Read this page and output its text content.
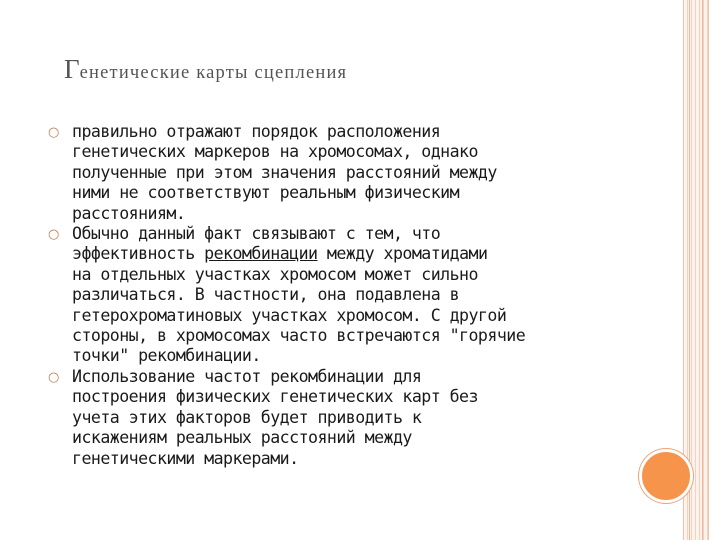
Генетические карты сцепления
○ правильно отражают порядок расположения
генетических маркеров на хромосомах, однако
полученные при этом значения расстояний между
ними не соответствуют реальным физическим
расстояниям.
○ Обычно данный факт связывают с тем, что
эффективность рекомбинации между хроматидами
на отдельных участках хромосом может сильно
различаться. В частности, она подавлена в
гетерохроматиновых участках хромосом. С другой
стороны, в хромосомах часто встречаются "горячие
точки" рекомбинации.
○ Использование частот рекомбинации для
построения физических генетических карт без
учета этих факторов будет приводить к
искажениям реальных расстояний между
генетическими маркерами.
